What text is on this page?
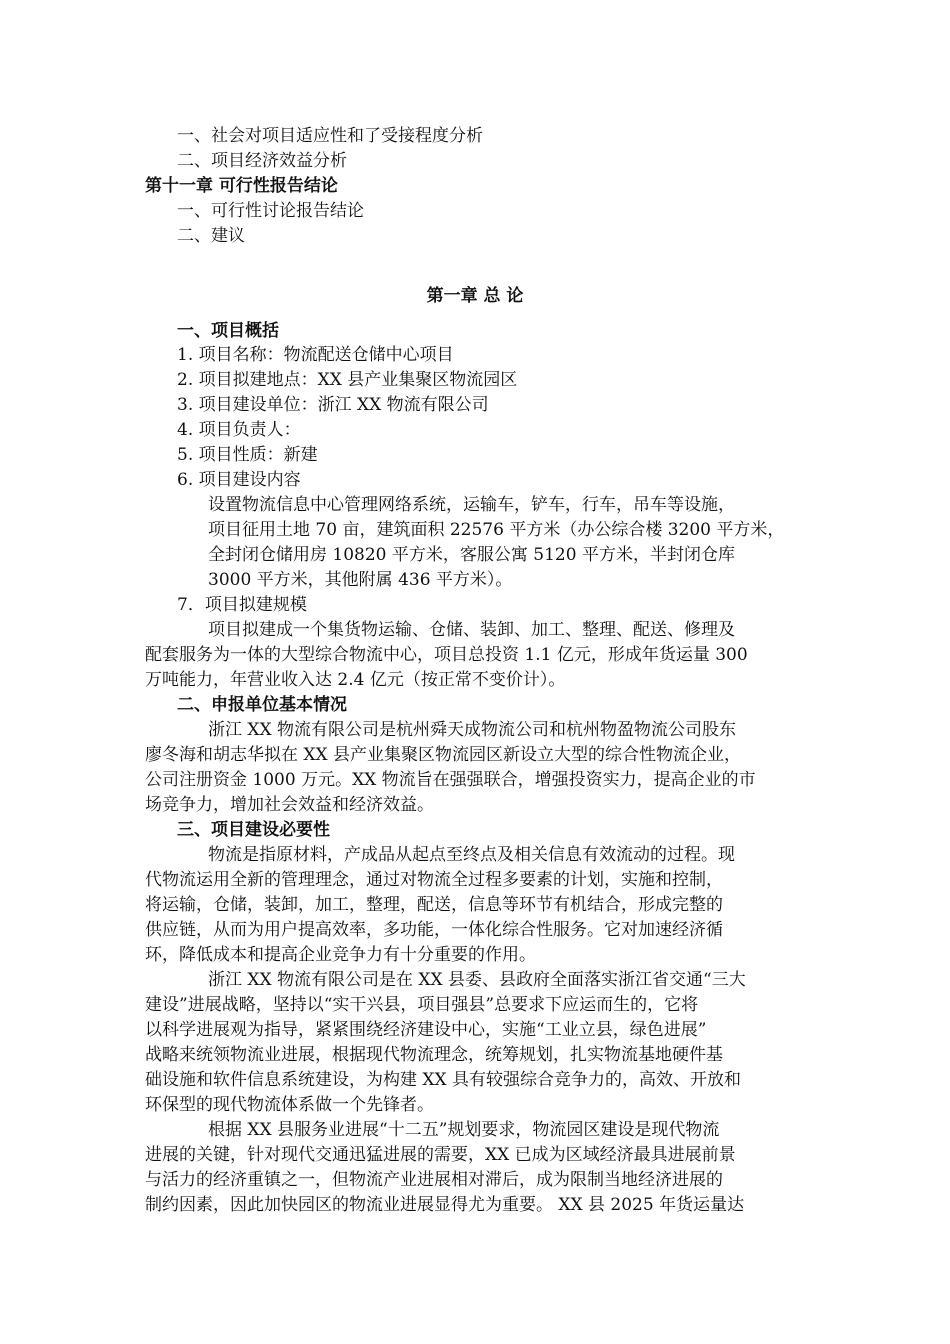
一、社会对项目适应性和了受接程度分析
二、项目经济效益分析
第十一章 可行性报告结论
一、可行性讨论报告结论
二、建议
第一章 总 论
一、项目概括
1. 项目名称：物流配送仓储中心项目
2. 项目拟建地点：XX 县产业集聚区物流园区
3. 项目建设单位：浙江 XX 物流有限公司
4. 项目负责人：
5. 项目性质：新建
6. 项目建设内容
设置物流信息中心管理网络系统，运输车，铲车，行车，吊车等设施，
项目征用土地 70 亩，建筑面积 22576 平方米（办公综合楼 3200 平方米，
全封闭仓储用房 10820 平方米，客服公寓 5120 平方米，半封闭仓库
3000 平方米，其他附属 436 平方米）。
7．项目拟建规模
项目拟建成一个集货物运输、仓储、装卸、加工、整理、配送、修理及
配套服务为一体的大型综合物流中心，项目总投资 1.1 亿元，形成年货运量 300
万吨能力，年营业收入达 2.4 亿元（按正常不变价计）。
二、申报单位基本情况
浙江 XX 物流有限公司是杭州舜天成物流公司和杭州物盈物流公司股东
廖冬海和胡志华拟在 XX 县产业集聚区物流园区新设立大型的综合性物流企业，
公司注册资金 1000 万元。XX 物流旨在强强联合，增强投资实力，提高企业的市
场竞争力，增加社会效益和经济效益。
三、项目建设必要性
物流是指原材料，产成品从起点至终点及相关信息有效流动的过程。现
代物流运用全新的管理理念，通过对物流全过程多要素的计划，实施和控制，
将运输，仓储，装卸，加工，整理，配送，信息等环节有机结合，形成完整的
供应链，从而为用户提高效率，多功能，一体化综合性服务。它对加速经济循
环，降低成本和提高企业竞争力有十分重要的作用。
浙江 XX 物流有限公司是在 XX 县委、县政府全面落实浙江省交通“三大
建设”进展战略，坚持以“实干兴县，项目强县”总要求下应运而生的，它将
以科学进展观为指导，紧紧围绕经济建设中心，实施“工业立县，绿色进展”
战略来统领物流业进展，根据现代物流理念，统筹规划，扎实物流基地硬件基
础设施和软件信息系统建设，为构建 XX 具有较强综合竞争力的，高效、开放和
环保型的现代物流体系做一个先锋者。
根据 XX 县服务业进展“十二五”规划要求，物流园区建设是现代物流
进展的关键，针对现代交通迅猛进展的需要，XX 已成为区域经济最具进展前景
与活力的经济重镇之一，但物流产业进展相对滞后，成为限制当地经济进展的
制约因素，因此加快园区的物流业进展显得尤为重要。 XX 县 2025 年货运量达
